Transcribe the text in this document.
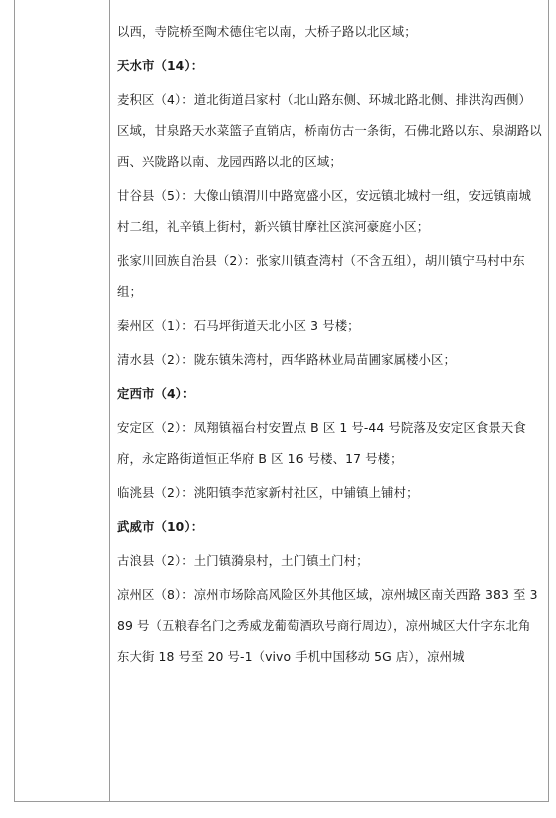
以西，寺院桥至陶术德住宅以南，大桥子路以北区域；

天水市（14）：

麦积区（4）：道北街道吕家村（北山路东侧、环城北路北侧、排洪沟西侧）区域，甘泉路天水菜篮子直销店，桥南仿古一条街，石佛北路以东、泉湖路以西、兴陇路以南、龙园西路以北的区域；

甘谷县（5）：大像山镇渭川中路宽盛小区，安远镇北城村一组，安远镇南城村二组，礼辛镇上街村，新兴镇甘摩社区滨河豪庭小区；

张家川回族自治县（2）：张家川镇查湾村（不含五组），胡川镇宁马村中东组；

秦州区（1）：石马坪街道天北小区 3 号楼；

清水县（2）：陇东镇朱湾村，西华路林业局苗圃家属楼小区；

定西市（4）：

安定区（2）：凤翔镇福台村安置点 B 区 1 号-44 号院落及安定区食景天食府，永定路街道恒正华府 B 区 16 号楼、17 号楼；

临洮县（2）：洮阳镇李范家新村社区，中铺镇上铺村；

武威市（10）：

古浪县（2）：土门镇漪泉村，土门镇土门村；

凉州区（8）：凉州市场除高风险区外其他区域，凉州城区南关西路 383 至 389 号（五粮春名门之秀威龙葡萄酒玖号商行周边），凉州城区大什字东北角东大街 18 号至 20 号-1（vivo 手机中国移动 5G 店），凉州城
